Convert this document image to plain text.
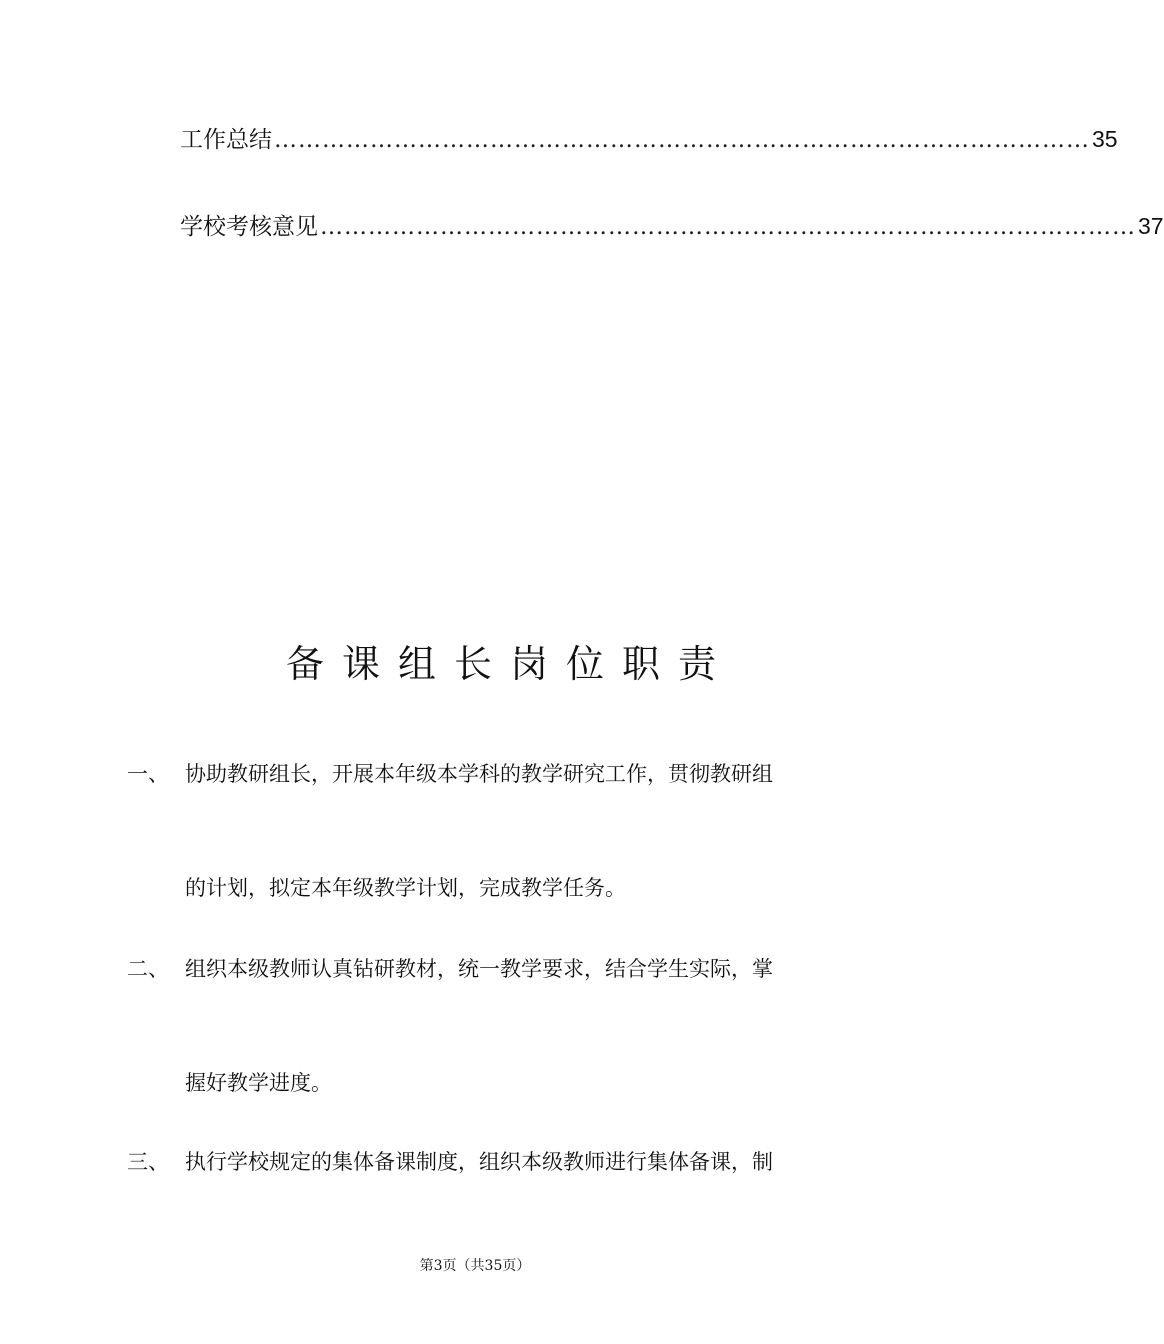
工作总结 ………………………………………………………………………………………… 35
学校考核意见 ………………………………………………………………………………………… 37
备课组长岗位职责
一、 协助教研组长，开展本年级本学科的教学研究工作，贯彻教研组
的计划，拟定本年级教学计划，完成教学任务。
二、 组织本级教师认真钻研教材，统一教学要求，结合学生实际，掌
握好教学进度。
三、 执行学校规定的集体备课制度，组织本级教师进行集体备课，制
第3页（共35页）
